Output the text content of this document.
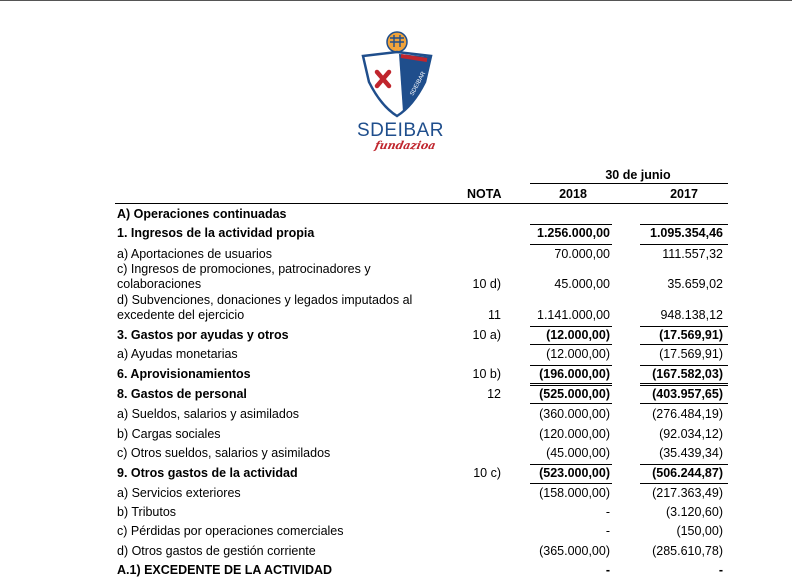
SDEIBAR
SDEIBAR
fundazioa
30 de junio
NOTA	2018	2017
A) Operaciones continuadas
1. Ingresos de la actividad propia	1.256.000,00	1.095.354,46
a) Aportaciones de usuarios	70.000,00	111.557,32
c) Ingresos de promociones, patrocinadores y colaboraciones	10 d)	45.000,00	35.659,02
d) Subvenciones, donaciones y legados imputados al excedente del ejercicio	11	1.141.000,00	948.138,12
3. Gastos por ayudas y otros	10 a)	(12.000,00)	(17.569,91)
a) Ayudas monetarias	(12.000,00)	(17.569,91)
6. Aprovisionamientos	10 b)	(196.000,00)	(167.582,03)
8. Gastos de personal	12	(525.000,00)	(403.957,65)
a) Sueldos, salarios y asimilados	(360.000,00)	(276.484,19)
b) Cargas sociales	(120.000,00)	(92.034,12)
c) Otros sueldos, salarios y asimilados	(45.000,00)	(35.439,34)
9. Otros gastos de la actividad	10 c)	(523.000,00)	(506.244,87)
a) Servicios exteriores	(158.000,00)	(217.363,49)
b) Tributos	-	(3.120,60)
c) Pérdidas por operaciones comerciales	-	(150,00)
d) Otros gastos de gestión corriente	(365.000,00)	(285.610,78)
A.1) EXCEDENTE DE LA ACTIVIDAD	-	-
